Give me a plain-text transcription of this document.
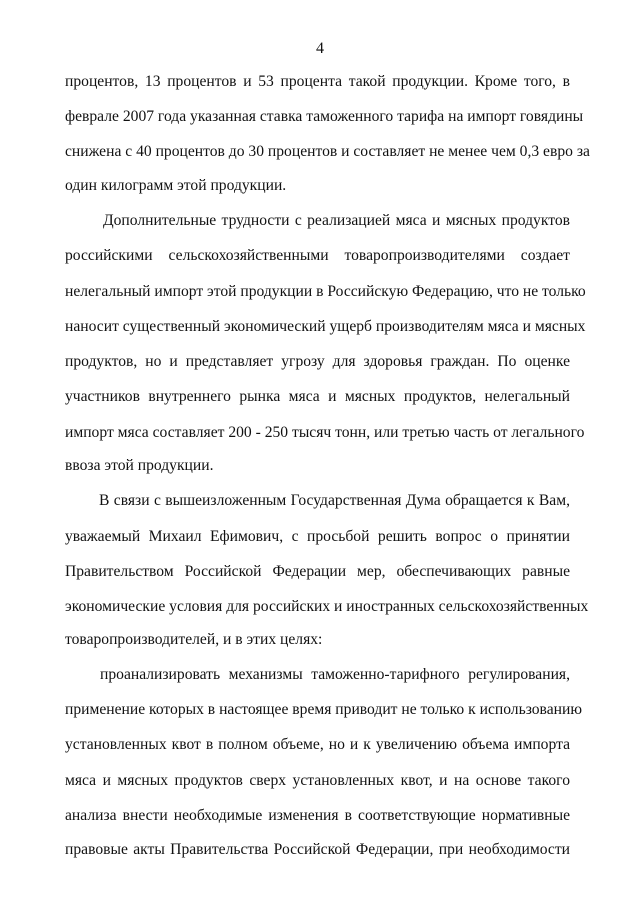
4
процентов, 13 процентов и 53 процента такой продукции. Кроме того, в
феврале 2007 года указанная ставка таможенного тарифа на импорт говядины
снижена с 40 процентов до 30 процентов и составляет не менее чем 0,3 евро за
один килограмм этой продукции.
Дополнительные трудности с реализацией мяса и мясных продуктов
российскими сельскохозяйственными товаропроизводителями создает
нелегальный импорт этой продукции в Российскую Федерацию, что не только
наносит существенный экономический ущерб производителям мяса и мясных
продуктов, но и представляет угрозу для здоровья граждан. По оценке
участников внутреннего рынка мяса и мясных продуктов, нелегальный
импорт мяса составляет 200 - 250 тысяч тонн, или третью часть от легального
ввоза этой продукции.
В связи с вышеизложенным Государственная Дума обращается к Вам,
уважаемый Михаил Ефимович, с просьбой решить вопрос о принятии
Правительством Российской Федерации мер, обеспечивающих равные
экономические условия для российских и иностранных сельскохозяйственных
товаропроизводителей, и в этих целях:
проанализировать механизмы таможенно-тарифного регулирования,
применение которых в настоящее время приводит не только к использованию
установленных квот в полном объеме, но и к увеличению объема импорта
мяса и мясных продуктов сверх установленных квот, и на основе такого
анализа внести необходимые изменения в соответствующие нормативные
правовые акты Правительства Российской Федерации, при необходимости
